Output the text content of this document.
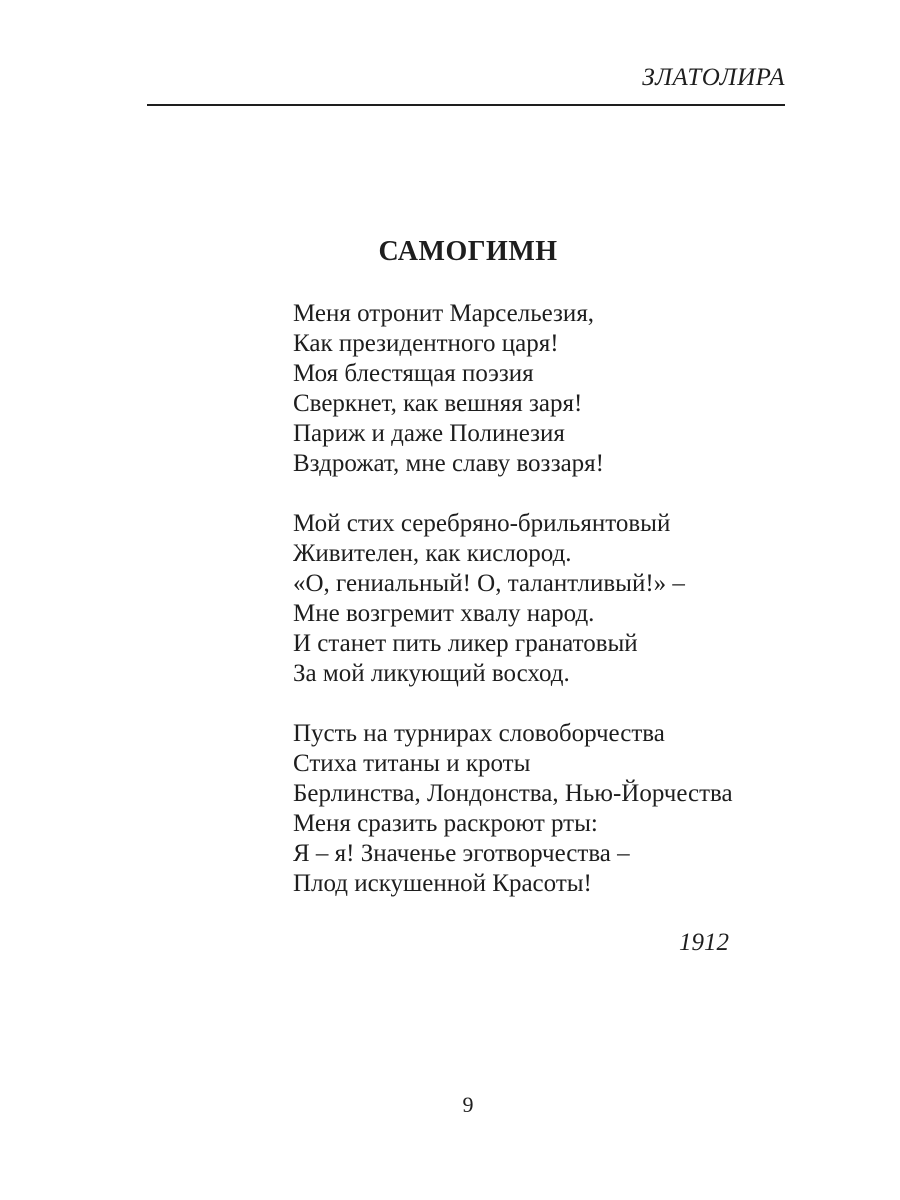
ЗЛАТОЛИРА
САМОГИМН
Меня отронит Марсельезия,
Как президентного царя!
Моя блестящая поэзия
Сверкнет, как вешняя заря!
Париж и даже Полинезия
Вздрожат, мне славу воззаря!
Мой стих серебряно-брильянтовый
Живителен, как кислород.
«О, гениальный! О, талантливый!» –
Мне возгремит хвалу народ.
И станет пить ликер гранатовый
За мой ликующий восход.
Пусть на турнирах словоборчества
Стиха титаны и кроты
Берлинства, Лондонства, Нью-Йорчества
Меня сразить раскроют рты:
Я – я! Значенье эготворчества –
Плод искушенной Красоты!
1912
9
